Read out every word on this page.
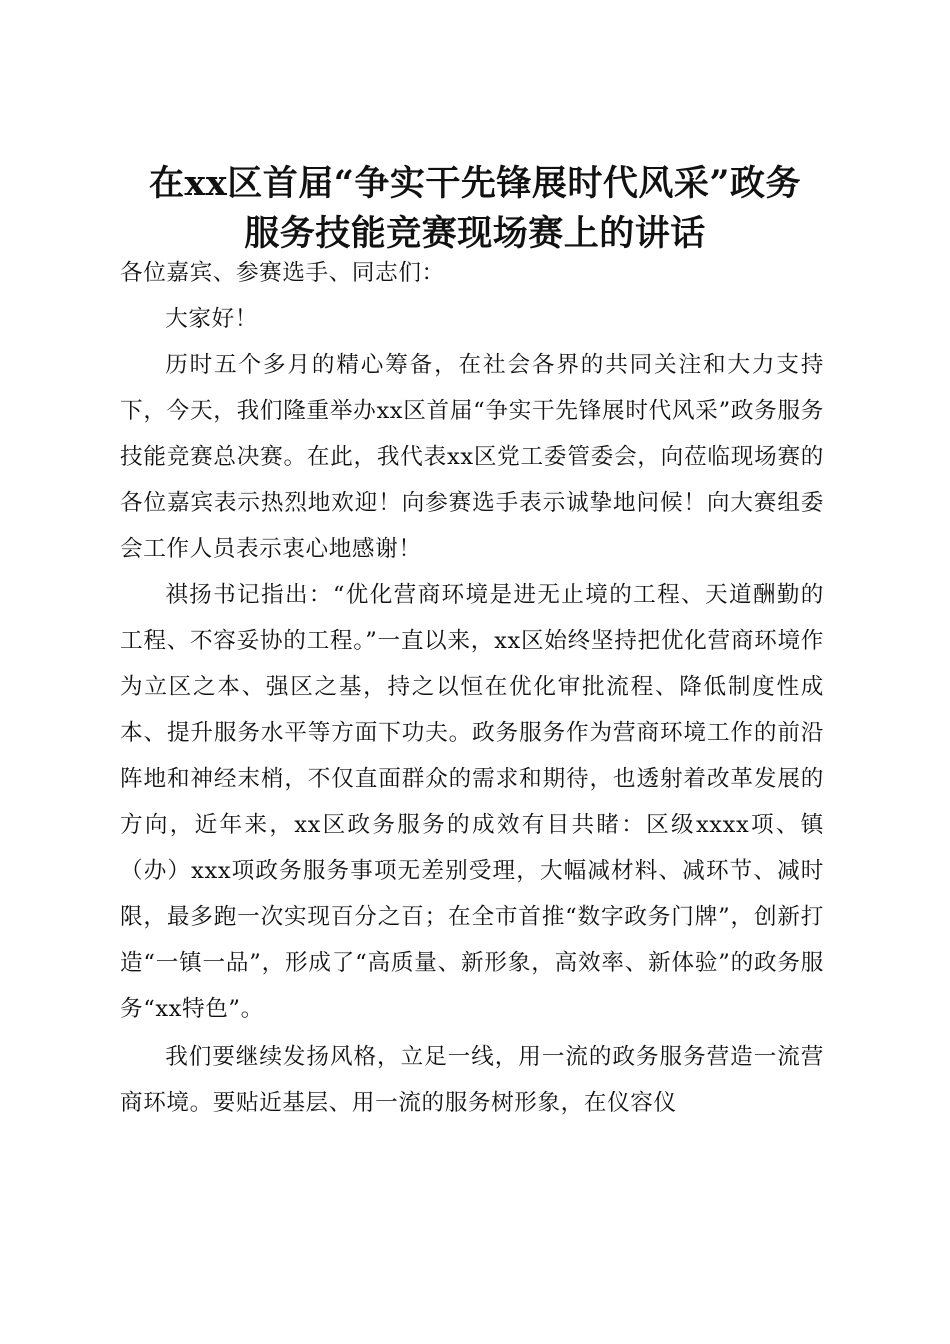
在xx区首届“争实干先锋展时代风采”政务
服务技能竞赛现场赛上的讲话

各位嘉宾、参赛选手、同志们：

大家好！

历时五个多月的精心筹备，在社会各界的共同关注和大力支持下，今天，我们隆重举办xx区首届“争实干先锋展时代风采”政务服务技能竞赛总决赛。在此，我代表xx区党工委管委会，向莅临现场赛的各位嘉宾表示热烈地欢迎！向参赛选手表示诚挚地问候！向大赛组委会工作人员表示衷心地感谢！

祺扬书记指出：“优化营商环境是进无止境的工程、天道酬勤的工程、不容妥协的工程。”一直以来，xx区始终坚持把优化营商环境作为立区之本、强区之基，持之以恒在优化审批流程、降低制度性成本、提升服务水平等方面下功夫。政务服务作为营商环境工作的前沿阵地和神经末梢，不仅直面群众的需求和期待，也透射着改革发展的方向，近年来，xx区政务服务的成效有目共睹：区级xxxx项、镇（办）xxx项政务服务事项无差别受理，大幅减材料、减环节、减时限，最多跑一次实现百分之百；在全市首推“数字政务门牌”，创新打造“一镇一品”，形成了“高质量、新形象，高效率、新体验”的政务服务“xx特色”。

我们要继续发扬风格，立足一线，用一流的政务服务营造一流营商环境。要贴近基层、用一流的服务树形象，在仪容仪
